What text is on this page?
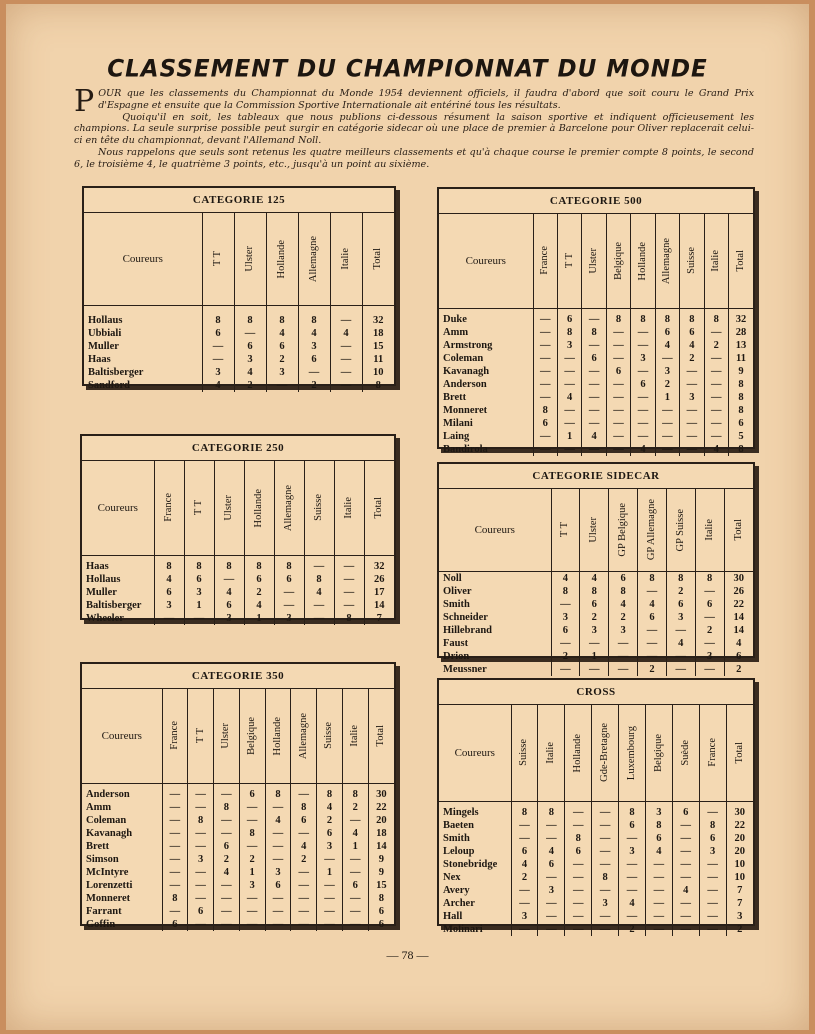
CLASSEMENT DU CHAMPIONNAT DU MONDE

POUR que les classements du Championnat du Monde 1954 deviennent officiels, il faudra d'abord que soit couru le Grand Prix d'Espagne et ensuite que la Commission Sportive Internationale ait entériné tous les résultats.

Quoiqu'il en soit, les tableaux que nous publions ci-dessous résument la saison sportive et indiquent officieusement les champions. La seule surprise possible peut surgir en catégorie sidecar où une place de premier à Barcelone pour Oliver replacerait celui-ci en tête du championnat, devant l'Allemand Noll.

Nous rappelons que seuls sont retenus les quatre meilleurs classements et qu'à chaque course le premier compte 8 points, le second 6, le troisième 4, le quatrième 3 points, etc., jusqu'à un point au sixième.

CATEGORIE 125
Coureurs	T T	Ulster	Hollande	Allemagne	Italie	Total

Hollaus	8	8	8	8	—	32
Ubbiali	6	—	4	4	4	18
Muller	—	6	6	3	—	15
Haas	—	3	2	6	—	11
Baltisberger	3	4	3	—	—	10
Sandford	4	2	—	2	—	8
CATEGORIE 250
Coureurs	France	T T	Ulster	Hollande	Allemagne	Suisse	Italie	Total

Haas	8	8	8	8	8	—	—	32
Hollaus	4	6	—	6	6	8	—	26
Muller	6	3	4	2	—	4	—	17
Baltisberger	3	1	6	4	—	—	—	14
Wheeler	—	—	3	1	3	—	8	7
CATEGORIE 350
Coureurs	France	T T	Ulster	Belgique	Hollande	Allemagne	Suisse	Italie	Total

Anderson	—	—	—	6	8	—	8	8	30
Amm	—	—	8	—	—	8	4	2	22
Coleman	—	8	—	—	4	6	2	—	20
Kavanagh	—	—	—	8	—	—	6	4	18
Brett	—	—	6	—	—	4	3	1	14
Simson	—	3	2	2	—	2	—	—	9
McIntyre	—	—	4	1	3	—	1	—	9
Lorenzetti	—	—	—	3	6	—	—	6	15
Monneret	8	—	—	—	—	—	—	—	8
Farrant	—	6	—	—	—	—	—	—	6
Goffin	6	—	—	—	—	—	—	—	6
CATEGORIE 500
Coureurs	France	T T	Ulster	Belgique	Hollande	Allemagne	Suisse	Italie	Total

Duke	—	6	—	8	8	8	8	8	32
Amm	—	8	8	—	—	6	6	—	28
Armstrong	—	3	—	—	—	4	4	2	13
Coleman	—	—	6	—	3	—	2	—	11
Kavanagh	—	—	—	6	—	3	—	—	9
Anderson	—	—	—	—	6	2	—	—	8
Brett	—	4	—	—	—	1	3	—	8
Monneret	8	—	—	—	—	—	—	—	8
Milani	6	—	—	—	—	—	—	—	6
Laing	—	1	4	—	—	—	—	—	5
Bandirola	—	—	—	—	4	—	—	4	8
CATEGORIE SIDECAR
Coureurs	T T	Ulster	GP Belgique	GP Allemagne	GP Suisse	Italie	Total

Noll	4	4	6	8	8	8	30
Oliver	8	8	8	—	2	—	26
Smith	—	6	4	4	6	6	22
Schneider	3	2	2	6	3	—	14
Hillebrand	6	3	3	—	—	2	14
Faust	—	—	—	—	4	—	4
Drion	2	1	—	—	—	3	6
Meussner	—	—	—	2	—	—	2
CROSS
Coureurs	Suisse	Italie	Hollande	Gde-Bretagne	Luxembourg	Belgique	Suède	France	Total

Mingels	8	8	—	—	8	3	6	—	30
Baeten	—	—	—	—	6	8	—	8	22
Smith	—	—	8	—	—	6	—	6	20
Leloup	6	4	6	—	3	4	—	3	20
Stonebridge	4	6	—	—	—	—	—	—	10
Nex	2	—	—	8	—	—	—	—	10
Avery	—	3	—	—	—	—	4	—	7
Archer	—	—	—	3	4	—	—	—	7
Hall	3	—	—	—	—	—	—	—	3
Molinari	—	—	—	—	2	—	—	—	2
— 78 —
